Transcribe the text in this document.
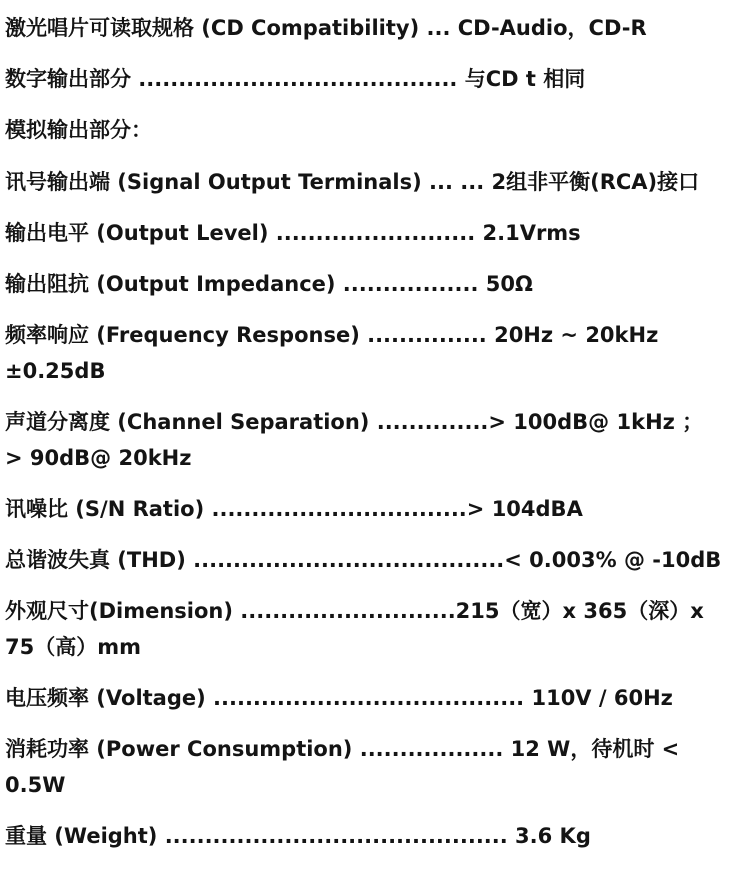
激光唱片可读取规格 (CD Compatibility) ... CD-Audio，CD-R
数字输出部分 ........................................ 与CD t 相同
模拟输出部分：
讯号输出端 (Signal Output Terminals) ... ... 2组非平衡(RCA)接口
输出电平 (Output Level) ......................... 2.1Vrms
输出阻抗 (Output Impedance) ................. 50Ω
频率响应 (Frequency Response) ............... 20Hz ~ 20kHz
±0.25dB
声道分离度 (Channel Separation) ..............> 100dB@ 1kHz ；
> 90dB@ 20kHz
讯噪比 (S/N Ratio) ................................> 104dBA
总谐波失真 (THD) .......................................< 0.003% @ -10dB
外观尺寸(Dimension) ...........................215（宽）x 365（深）x
75（高）mm
电压频率 (Voltage) ....................................... 110V / 60Hz
消耗功率 (Power Consumption) .................. 12 W，待机时 <
0.5W
重量 (Weight) ........................................... 3.6 Kg
